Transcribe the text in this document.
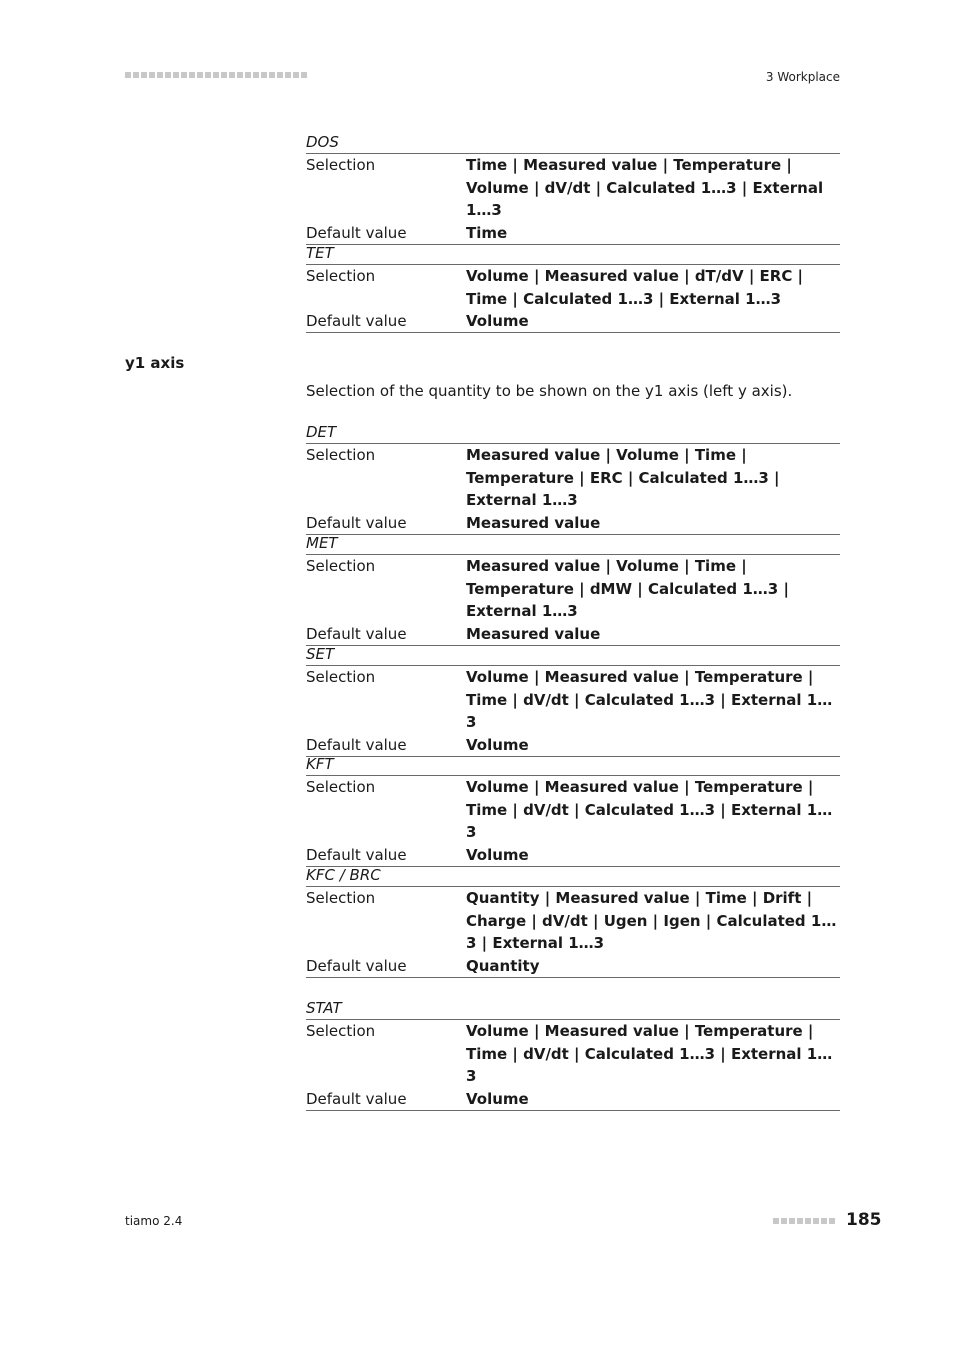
3 Workplace
DOS
Selection	Time | Measured value | Temperature | Volume | dV/dt | Calculated 1…3 | External 1…3
Default value	Time
TET
Selection	Volume | Measured value | dT/dV | ERC | Time | Calculated 1…3 | External 1…3
Default value	Volume
y1 axis
Selection of the quantity to be shown on the y1 axis (left y axis).
DET
Selection	Measured value | Volume | Time | Temperature | ERC | Calculated 1…3 | External 1…3
Default value	Measured value
MET
Selection	Measured value | Volume | Time | Temperature | dMW | Calculated 1…3 | External 1…3
Default value	Measured value
SET
Selection	Volume | Measured value | Temperature | Time | dV/dt | Calculated 1…3 | External 1…3
Default value	Volume
KFT
Selection	Volume | Measured value | Temperature | Time | dV/dt | Calculated 1…3 | External 1…3
Default value	Volume
KFC / BRC
Selection	Quantity | Measured value | Time | Drift | Charge | dV/dt | Ugen | Igen | Calculated 1…3 | External 1…3
Default value	Quantity
STAT
Selection	Volume | Measured value | Temperature | Time | dV/dt | Calculated 1…3 | External 1…3
Default value	Volume
tiamo 2.4	185
